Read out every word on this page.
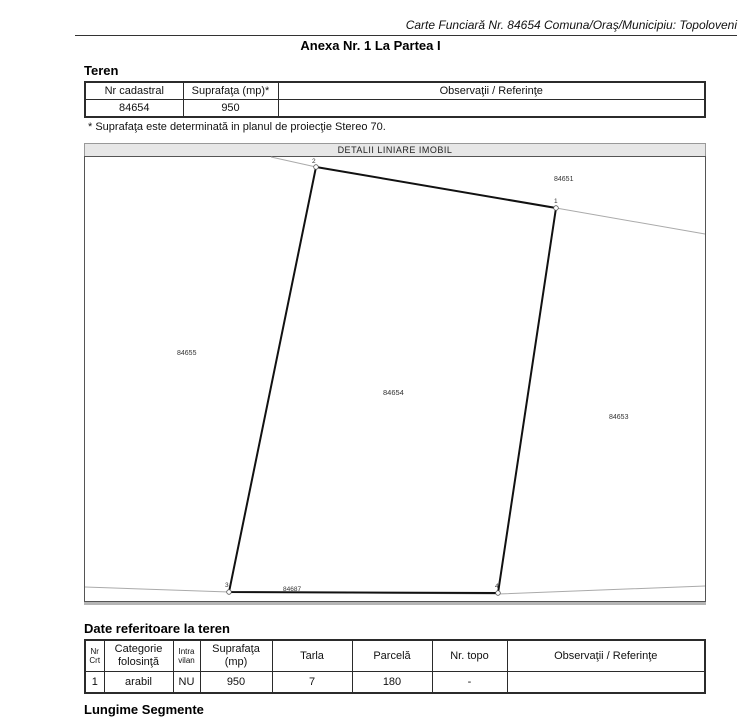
Carte Funciară Nr. 84654 Comuna/Oraş/Municipiu: Topoloveni
Anexa Nr. 1 La Partea I
Teren
Nr cadastral	Suprafaţa (mp)*	Observaţii / Referinţe
84654	950	
* Suprafaţa este determinată in planul de proiecţie Stereo 70.
DETALII LINIARE IMOBIL
2
1
3	4
84655
84654
84653
84651
84687
Date referitoare la teren
Nr Crt	Categorie folosinţă	Intra vilan	Suprafaţa (mp)	Tarla	Parcelă	Nr. topo	Observaţii / Referinţe
1	arabil	NU	950	7	180	-	
Lungime Segmente
